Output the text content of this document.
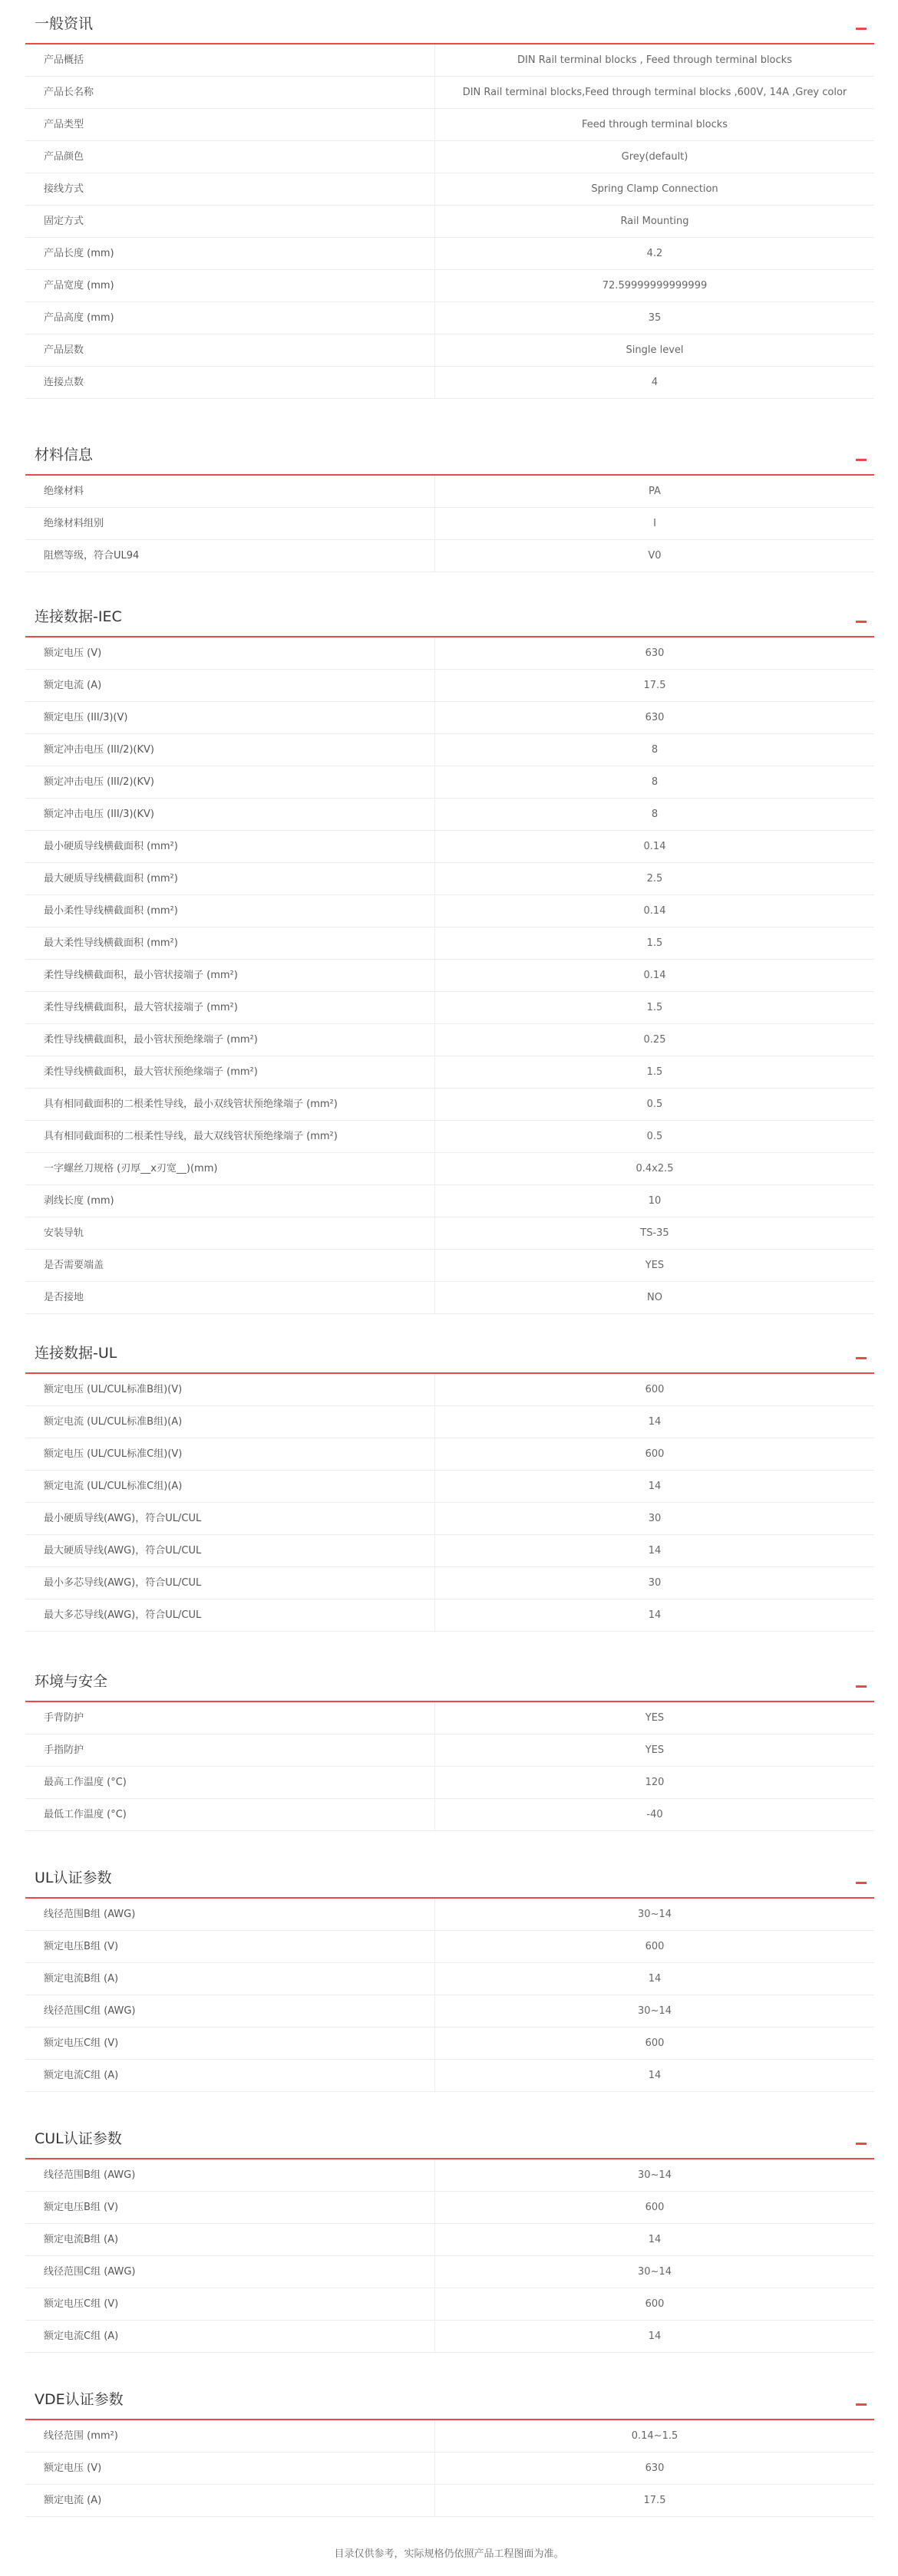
一般资讯
产品概括	DIN Rail terminal blocks , Feed through terminal blocks
产品长名称	DIN Rail terminal blocks,Feed through terminal blocks ,600V, 14A ,Grey color
产品类型	Feed through terminal blocks
产品颜色	Grey(default)
接线方式	Spring Clamp Connection
固定方式	Rail Mounting
产品长度 (mm)	4.2
产品宽度 (mm)	72.59999999999999
产品高度 (mm)	35
产品层数	Single level
连接点数	4
材料信息
绝缘材料	PA
绝缘材料组别	I
阻燃等级，符合UL94	V0
连接数据-IEC
额定电压 (V)	630
额定电流 (A)	17.5
额定电压 (III/3)(V)	630
额定冲击电压 (III/2)(KV)	8
额定冲击电压 (III/2)(KV)	8
额定冲击电压 (III/3)(KV)	8
最小硬质导线横截面积 (mm²)	0.14
最大硬质导线横截面积 (mm²)	2.5
最小柔性导线横截面积 (mm²)	0.14
最大柔性导线横截面积 (mm²)	1.5
柔性导线横截面积，最小管状接端子 (mm²)	0.14
柔性导线横截面积，最大管状接端子 (mm²)	1.5
柔性导线横截面积，最小管状预绝缘端子 (mm²)	0.25
柔性导线横截面积，最大管状预绝缘端子 (mm²)	1.5
具有相同截面积的二根柔性导线，最小双线管状预绝缘端子 (mm²)	0.5
具有相同截面积的二根柔性导线，最大双线管状预绝缘端子 (mm²)	0.5
一字螺丝刀规格 (刃厚__x刃宽__)(mm)	0.4x2.5
剥线长度 (mm)	10
安装导轨	TS-35
是否需要端盖	YES
是否接地	NO
连接数据-UL
额定电压 (UL/CUL标准B组)(V)	600
额定电流 (UL/CUL标准B组)(A)	14
额定电压 (UL/CUL标准C组)(V)	600
额定电流 (UL/CUL标准C组)(A)	14
最小硬质导线(AWG)，符合UL/CUL	30
最大硬质导线(AWG)，符合UL/CUL	14
最小多芯导线(AWG)，符合UL/CUL	30
最大多芯导线(AWG)，符合UL/CUL	14
环境与安全
手背防护	YES
手指防护	YES
最高工作温度 (°C)	120
最低工作温度 (°C)	-40
UL认证参数
线径范围B组 (AWG)	30~14
额定电压B组 (V)	600
额定电流B组 (A)	14
线径范围C组 (AWG)	30~14
额定电压C组 (V)	600
额定电流C组 (A)	14
CUL认证参数
线径范围B组 (AWG)	30~14
额定电压B组 (V)	600
额定电流B组 (A)	14
线径范围C组 (AWG)	30~14
额定电压C组 (V)	600
额定电流C组 (A)	14
VDE认证参数
线径范围 (mm²)	0.14~1.5
额定电压 (V)	630
额定电流 (A)	17.5
目录仅供参考，实际规格仍依照产品工程图面为准。
